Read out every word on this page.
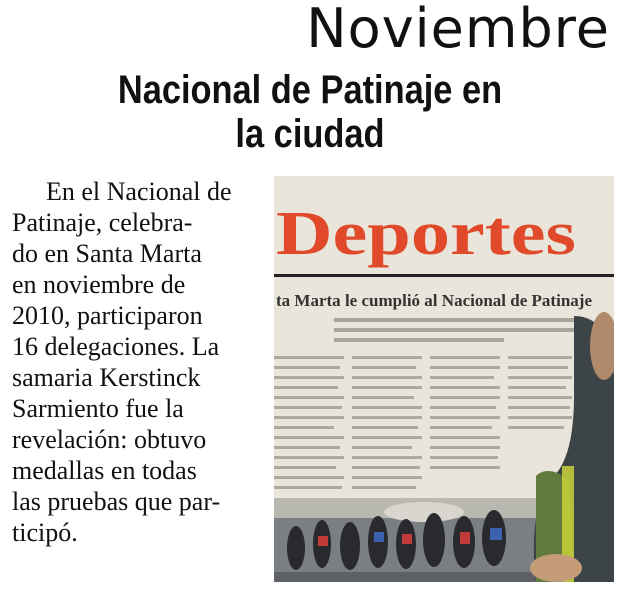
Noviembre
Nacional de Patinaje en
la ciudad
En el Nacional de
Patinaje, celebra-
do en Santa Marta
en noviembre de
2010, participaron
16 delegaciones. La
samaria Kerstinck
Sarmiento fue la
revelación: obtuvo
medallas en todas
las pruebas que par-
ticipó.
Deportes
ta Marta le cumplió al Nacional de Patinaje
